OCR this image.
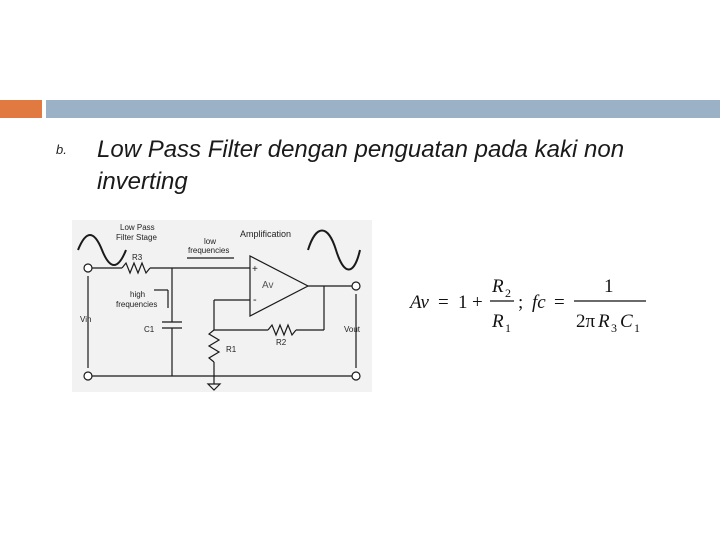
b. Low Pass Filter dengan penguatan pada kaki non inverting
Low Pass
Filter Stage	Amplification
low
frequencies
high
frequencies
R3
C1
R1
R2
Vin
Vout
Av
+
-	Av = 1 +
R 2
R 1
; fc =
1
2π R 3 C 1
